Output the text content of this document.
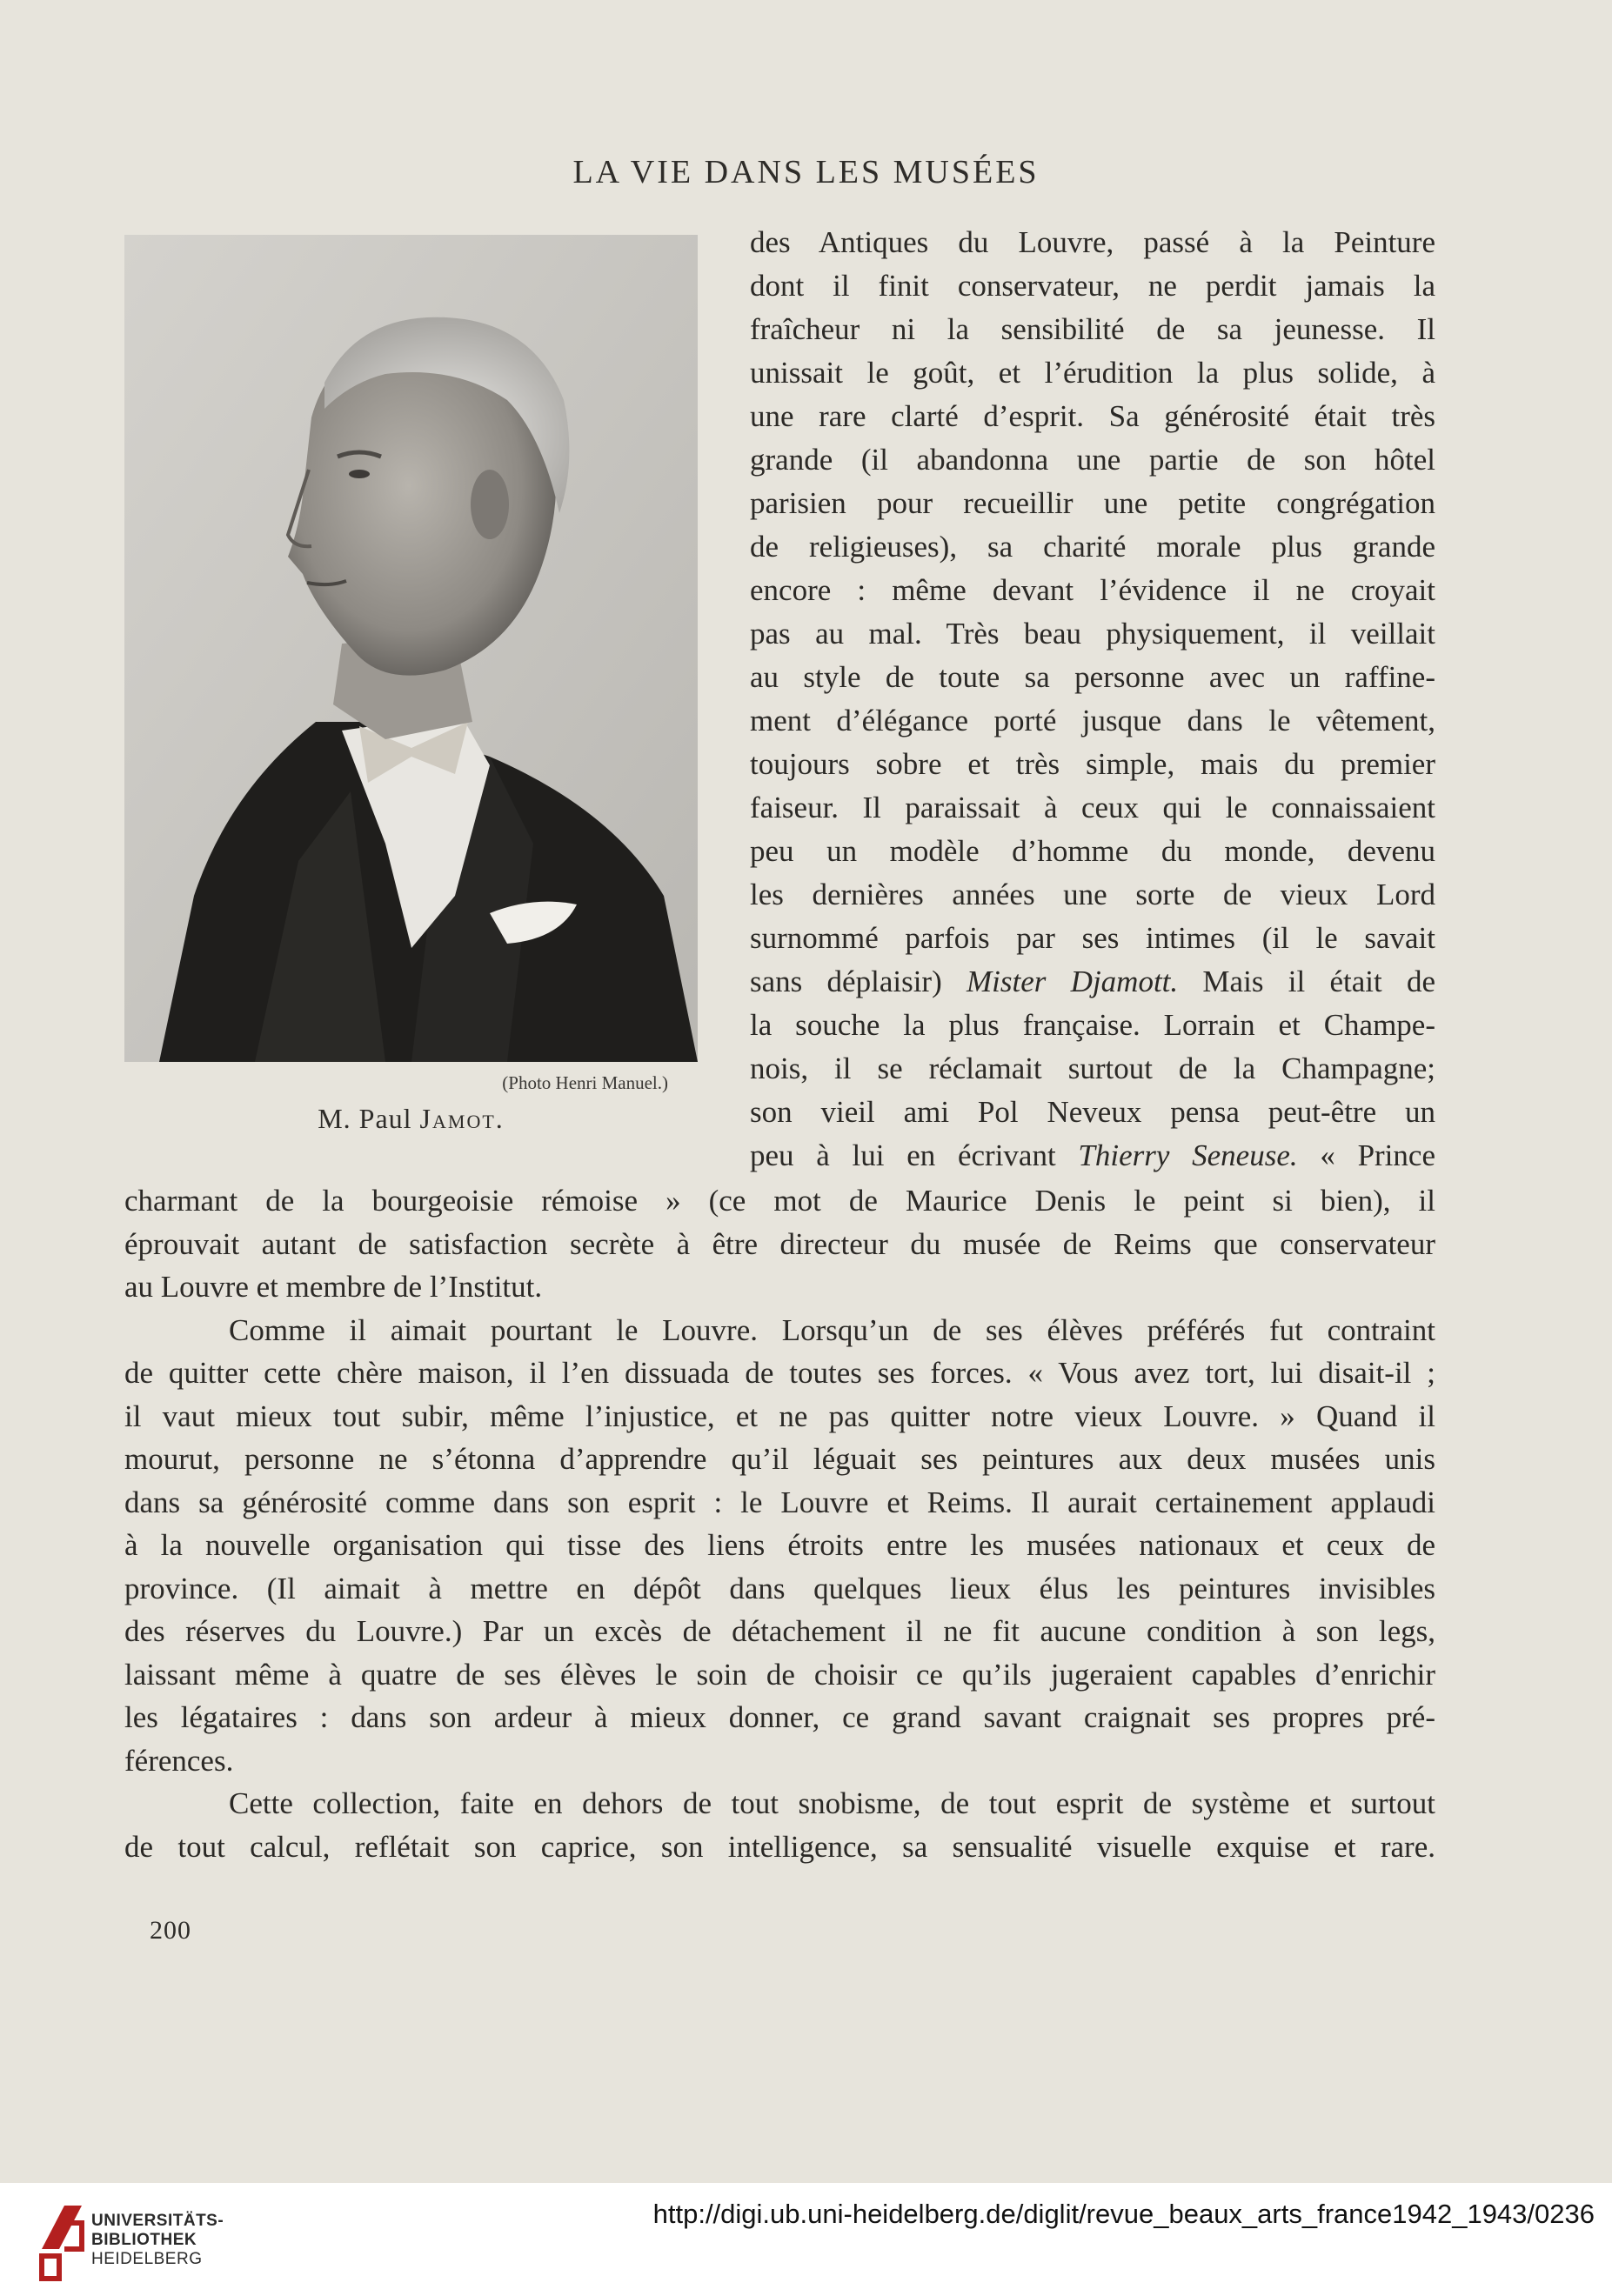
LA VIE DANS LES MUSÉES
(Photo Henri Manuel.)
M. Paul Jamot.
des Antiques du Louvre, passé à la Peinture
dont il finit conservateur, ne perdit jamais la
fraîcheur ni la sensibilité de sa jeunesse. Il
unissait le goût, et l’érudition la plus solide, à
une rare clarté d’esprit. Sa générosité était très
grande (il abandonna une partie de son hôtel
parisien pour recueillir une petite congrégation
de religieuses), sa charité morale plus grande
encore : même devant l’évidence il ne croyait
pas au mal. Très beau physiquement, il veillait
au style de toute sa personne avec un raffine-
ment d’élégance porté jusque dans le vêtement,
toujours sobre et très simple, mais du premier
faiseur. Il paraissait à ceux qui le connaissaient
peu un modèle d’homme du monde, devenu
les dernières années une sorte de vieux Lord
surnommé parfois par ses intimes (il le savait
sans déplaisir) Mister Djamott. Mais il était de
la souche la plus française. Lorrain et Champe-
nois, il se réclamait surtout de la Champagne;
son vieil ami Pol Neveux pensa peut-être un
peu à lui en écrivant Thierry Seneuse. « Prince
charmant de la bourgeoisie rémoise » (ce mot de Maurice Denis le peint si bien), il
éprouvait autant de satisfaction secrète à être directeur du musée de Reims que conservateur
au Louvre et membre de l’Institut.
Comme il aimait pourtant le Louvre. Lorsqu’un de ses élèves préférés fut contraint
de quitter cette chère maison, il l’en dissuada de toutes ses forces. « Vous avez tort, lui disait-il ;
il vaut mieux tout subir, même l’injustice, et ne pas quitter notre vieux Louvre. » Quand il
mourut, personne ne s’étonna d’apprendre qu’il léguait ses peintures aux deux musées unis
dans sa générosité comme dans son esprit : le Louvre et Reims. Il aurait certainement applaudi
à la nouvelle organisation qui tisse des liens étroits entre les musées nationaux et ceux de
province. (Il aimait à mettre en dépôt dans quelques lieux élus les peintures invisibles
des réserves du Louvre.) Par un excès de détachement il ne fit aucune condition à son legs,
laissant même à quatre de ses élèves le soin de choisir ce qu’ils jugeraient capables d’enrichir
les légataires : dans son ardeur à mieux donner, ce grand savant craignait ses propres pré-
férences.
Cette collection, faite en dehors de tout snobisme, de tout esprit de système et surtout
de tout calcul, reflétait son caprice, son intelligence, sa sensualité visuelle exquise et rare.
200
UNIVERSITÄTS-
BIBLIOTHEK
HEIDELBERG
http://digi.ub.uni-heidelberg.de/diglit/revue_beaux_arts_france1942_1943/0236
